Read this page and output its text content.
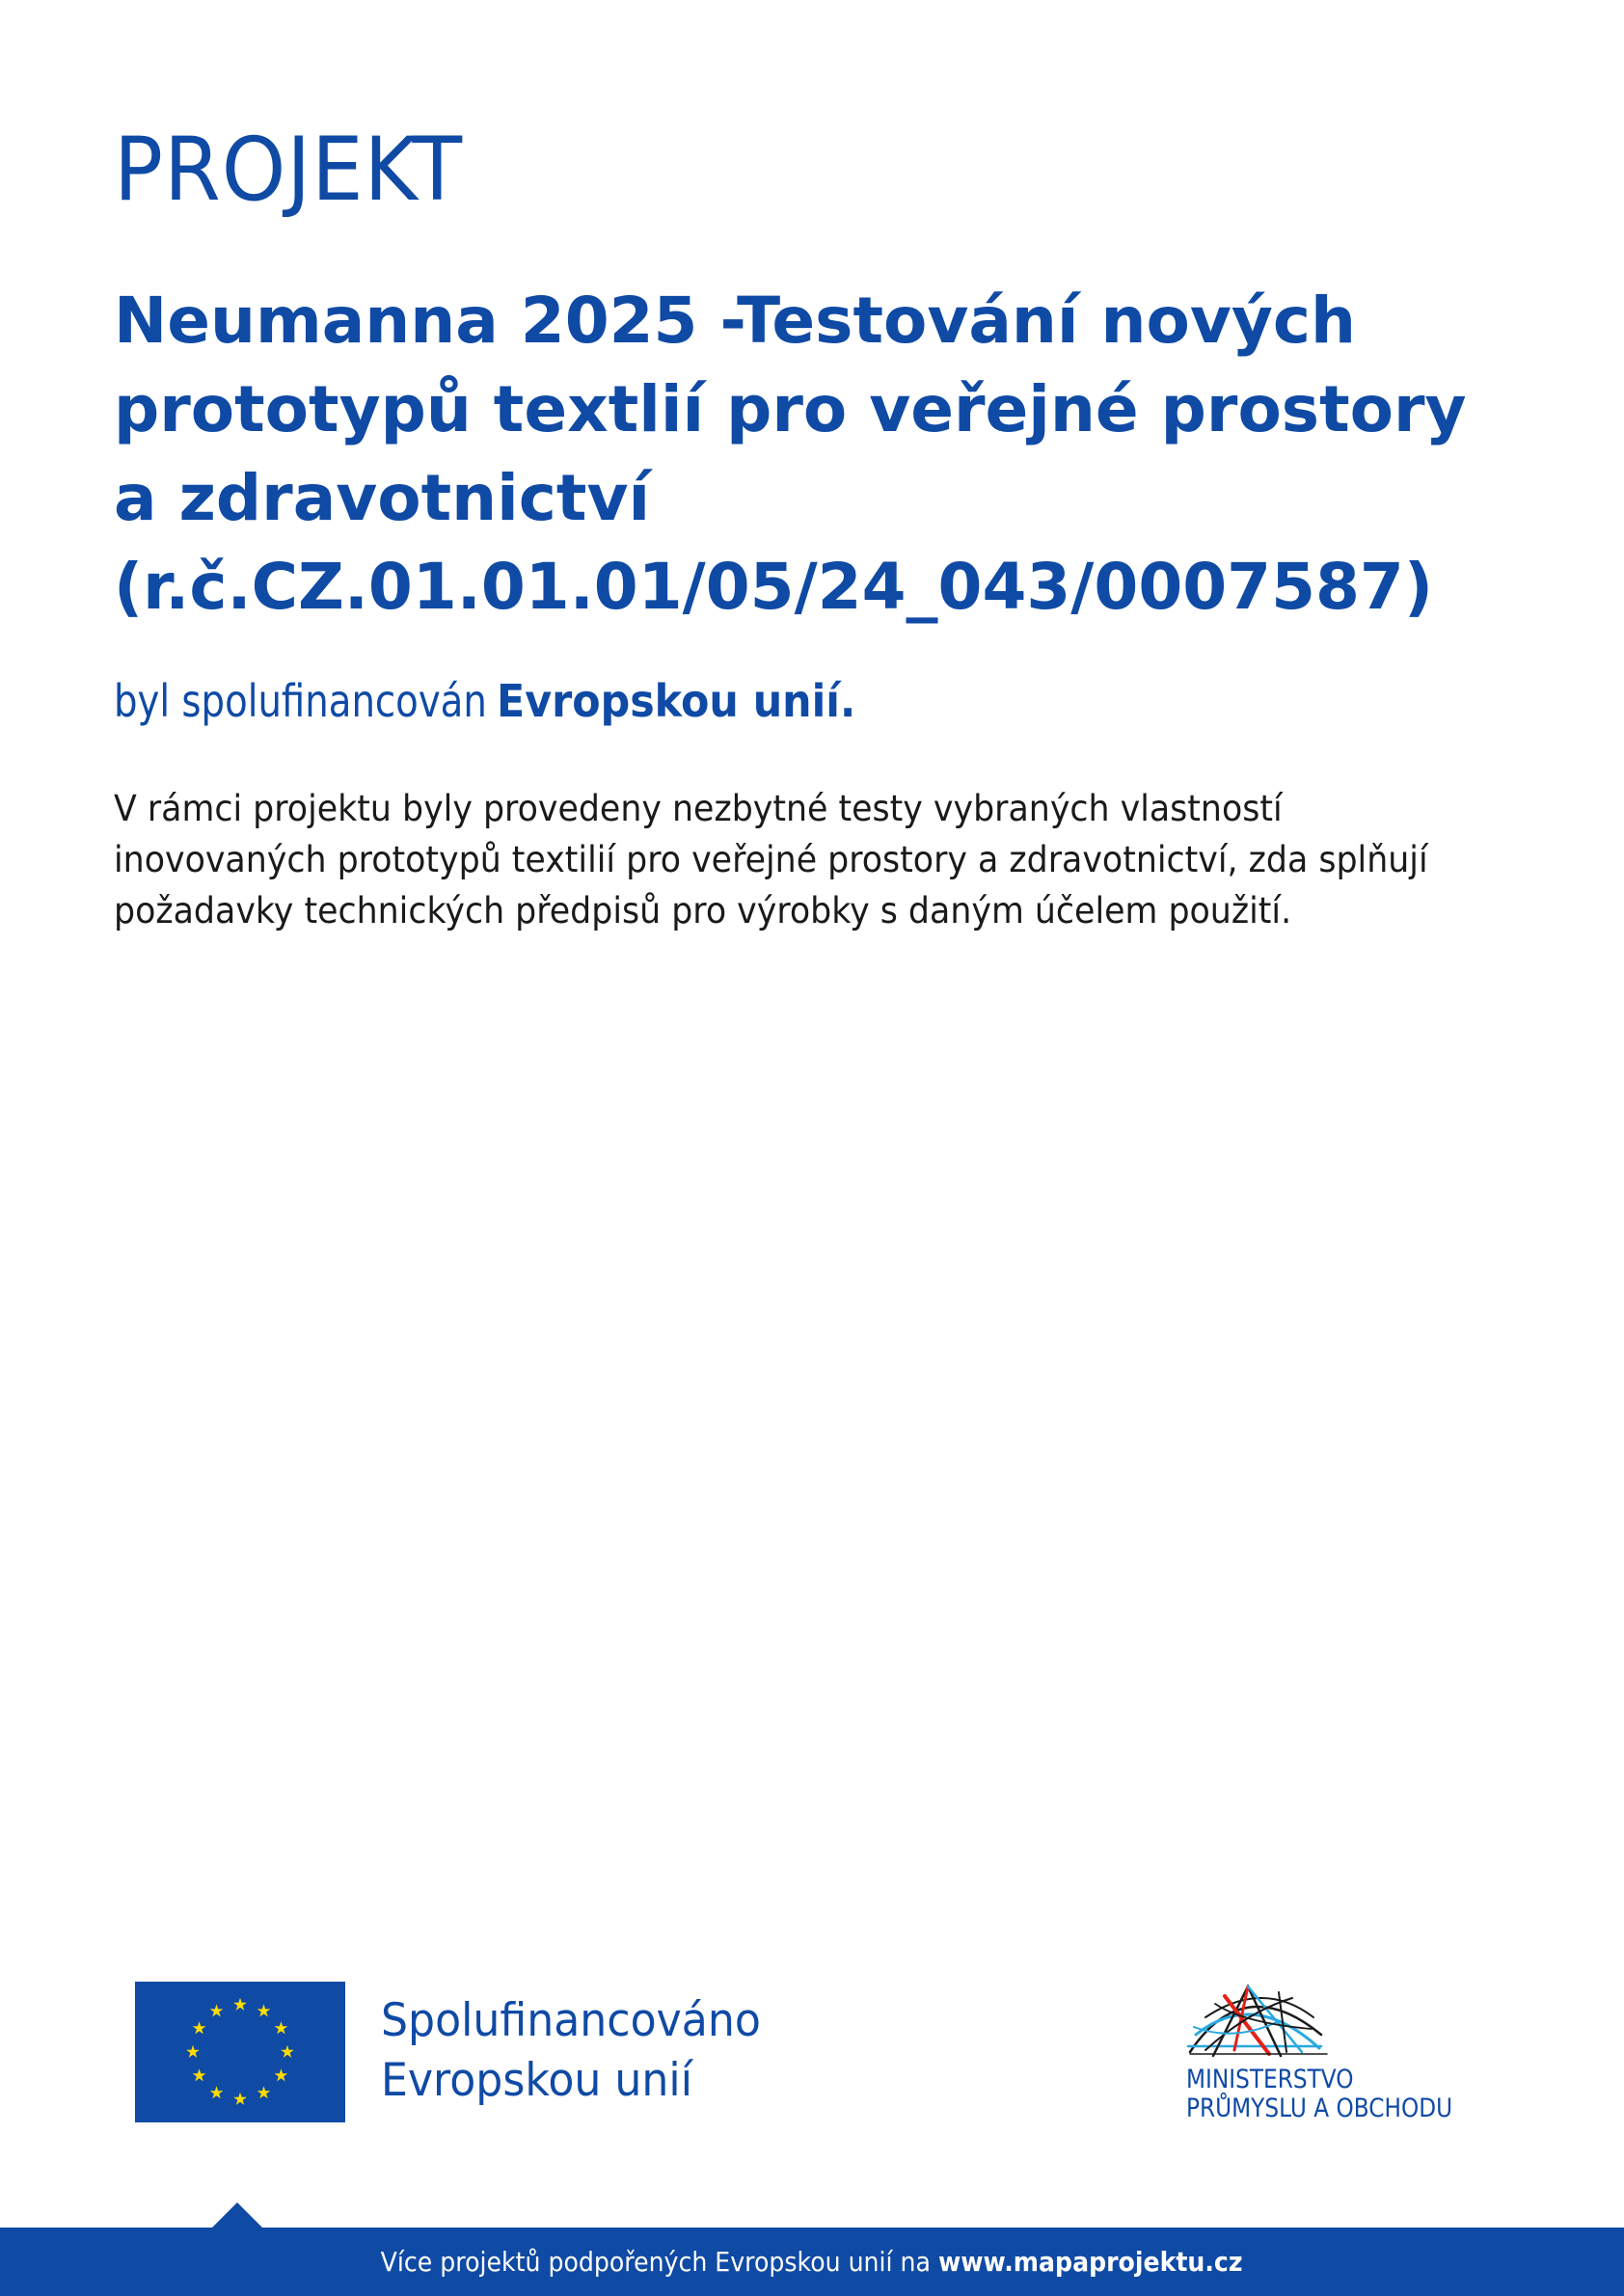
PROJEKT
Neumanna 2025 -Testování nových
prototypů textlií pro veřejné prostory
a zdravotnictví
(r.č.CZ.01.01.01/05/24_043/0007587)

byl spolufinancován Evropskou unií.

V rámci projektu byly provedeny nezbytné testy vybraných vlastností
inovovaných prototypů textilií pro veřejné prostory a zdravotnictví, zda splňují
požadavky technických předpisů pro výrobky s daným účelem použití.

Spolufinancováno
Evropskou unií	MINISTERSTVO
PRŮMYSLU A OBCHODU
Více projektů podpořených Evropskou unií na www.mapaprojektu.cz
